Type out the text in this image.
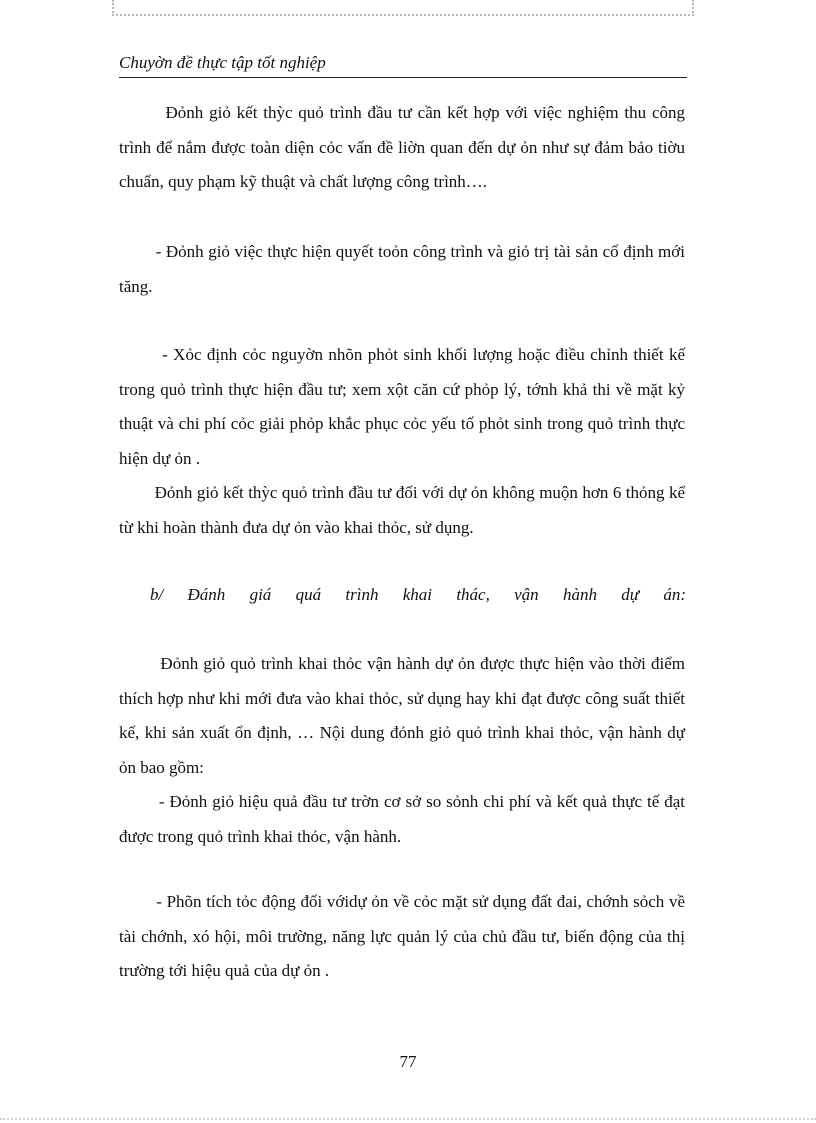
Chuyờn đề thực tập tốt nghiệp

Đỏnh giỏ kết thỳc quỏ trình đầu tư cần kết hợp với việc nghiệm thu công trình để nắm được toàn diện cỏc vấn đề liờn quan đến dự ỏn như sự đảm bảo tiờu chuẩn, quy phạm kỹ thuật và chất lượng công trình….

- Đỏnh giỏ việc thực hiện quyết toỏn công trình và giỏ trị tài sản cố định mới tăng.

- Xỏc định cỏc nguyờn nhõn phỏt sinh khối lượng hoặc điều chỉnh thiết kế trong quỏ trình thực hiện đầu tư; xem xột căn cứ phỏp lý, tớnh khả thi về mặt kỷ thuật và chi phí cỏc giải phỏp khắc phục cỏc yếu tố phỏt sinh trong quỏ trình thực hiện dự ỏn .

Đỏnh giỏ kết thỳc quỏ trình đầu tư đối với dự ỏn không muộn hơn 6 thỏng kể từ khi hoàn thành đưa dự ỏn vào khai thỏc, sử dụng.

b/ Đánh giá quá trình khai thác, vận hành dự án:

Đỏnh giỏ quỏ trình khai thỏc vận hành dự ỏn được thực hiện vào thời điểm thích hợp như khi mới đưa vào khai thỏc, sử dụng hay khi đạt được công suất thiết kế, khi sản xuất ổn định, … Nội dung đỏnh giỏ quỏ trình khai thỏc, vận hành dự ỏn bao gồm:

- Đỏnh giỏ hiệu quả đầu tư trờn cơ sở so sỏnh chi phí và kết quả thực tế đạt được trong quỏ trình khai thỏc, vận hành.

- Phõn tích tỏc động đối vớidự ỏn về cỏc mặt sử dụng đất đai, chớnh sỏch về tài chớnh, xó hội, môi trường, năng lực quản lý của chủ đầu tư, biến động của thị trường tới hiệu quả của dự ỏn .

77
